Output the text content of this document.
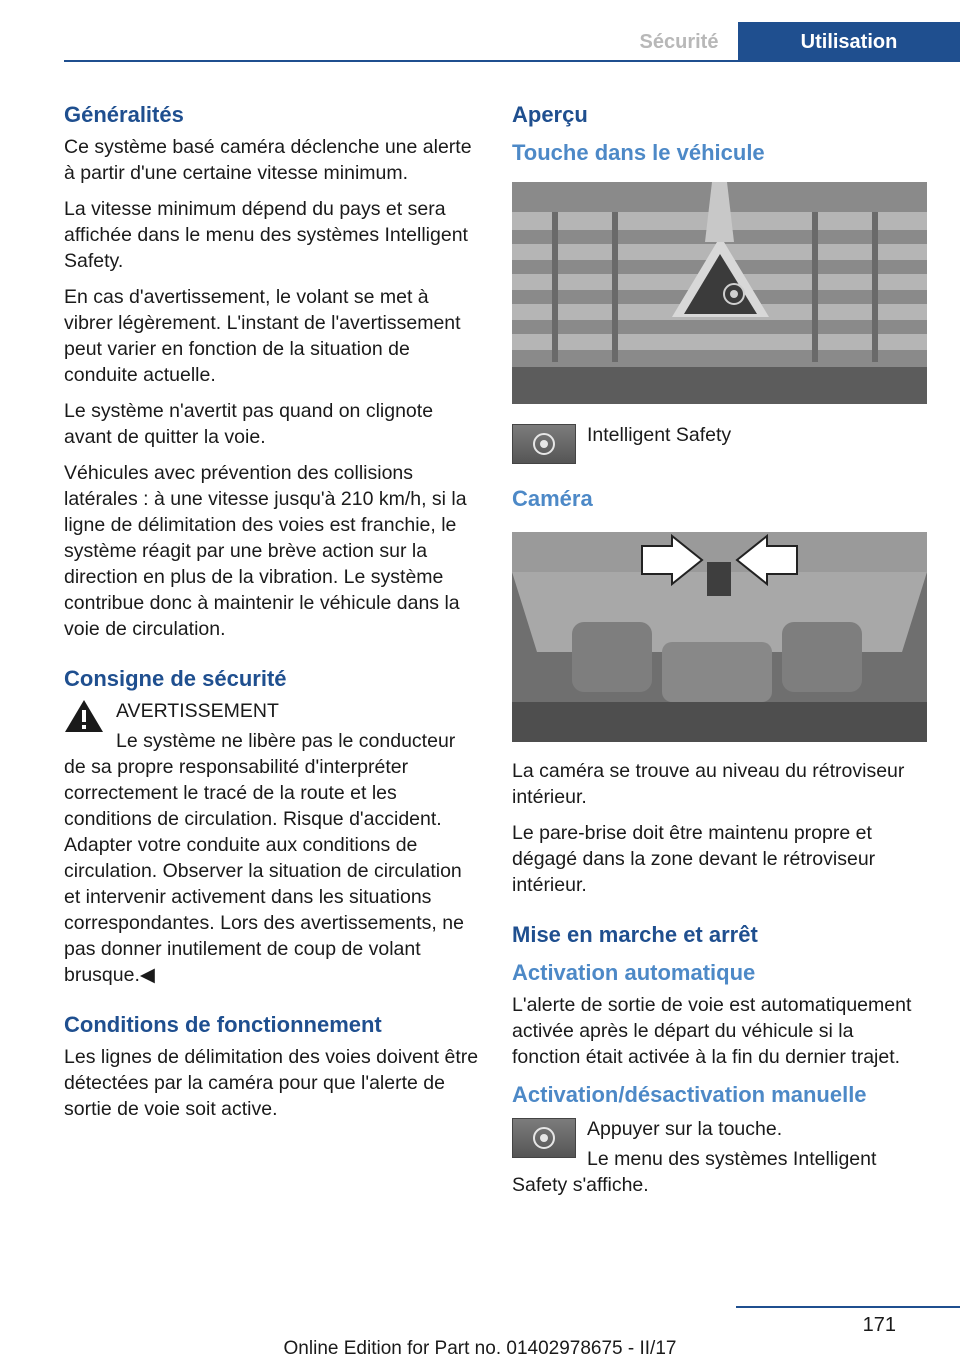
Sécurité	Utilisation
Généralités

Ce système basé caméra déclenche une alerte à partir d'une certaine vitesse minimum.

La vitesse minimum dépend du pays et sera affichée dans le menu des systèmes Intelligent Safety.

En cas d'avertissement, le volant se met à vibrer légèrement. L'instant de l'avertissement peut varier en fonction de la situation de conduite actuelle.

Le système n'avertit pas quand on clignote avant de quitter la voie.

Véhicules avec prévention des collisions latérales : à une vitesse jusqu'à 210 km/h, si la ligne de délimitation des voies est franchie, le système réagit par une brève action sur la direction en plus de la vibration. Le système contribue donc à maintenir le véhicule dans la voie de circulation.

Consigne de sécurité

AVERTISSEMENT

Le système ne libère pas le conducteur de sa propre responsabilité d'interpréter correctement le tracé de la route et les conditions de circulation. Risque d'accident. Adapter votre conduite aux conditions de circulation. Observer la situation de circulation et intervenir activement dans les situations correspondantes. Lors des avertissements, ne pas donner inutilement de coup de volant brusque.◀

Conditions de fonctionnement

Les lignes de délimitation des voies doivent être détectées par la caméra pour que l'alerte de sortie de voie soit active.

Aperçu
Touche dans le véhicule

Intelligent Safety

Caméra

La caméra se trouve au niveau du rétroviseur intérieur.

Le pare-brise doit être maintenu propre et dégagé dans la zone devant le rétroviseur intérieur.

Mise en marche et arrêt
Activation automatique

L'alerte de sortie de voie est automatiquement activée après le départ du véhicule si la fonction était activée à la fin du dernier trajet.

Activation/désactivation manuelle

Appuyer sur la touche.

Le menu des systèmes Intelligent Safety s'affiche.

171
Online Edition for Part no. 01402978675 - II/17
